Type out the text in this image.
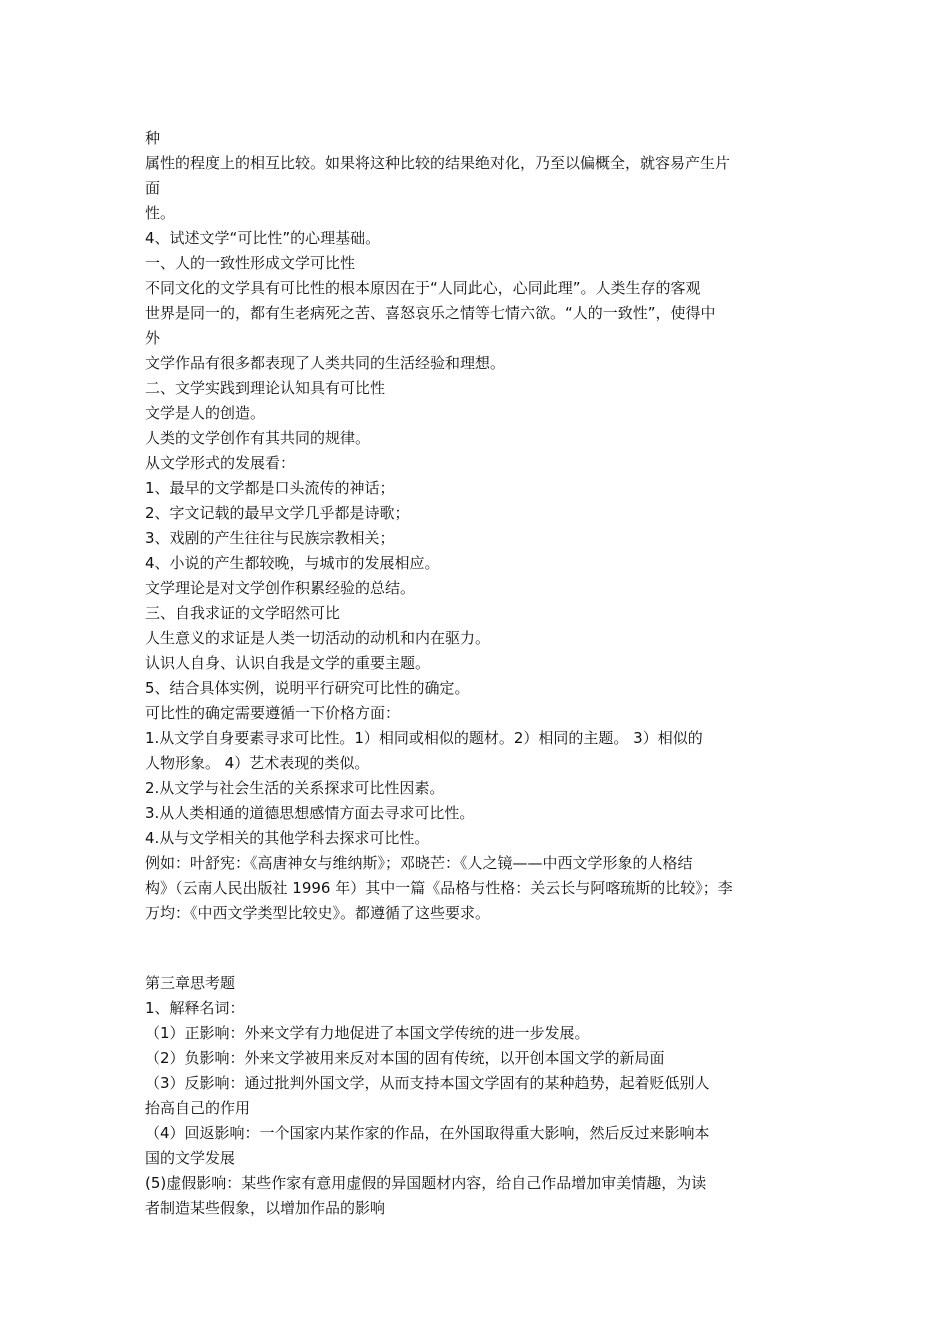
种
属性的程度上的相互比较。如果将这种比较的结果绝对化，乃至以偏概全，就容易产生片
面
性。
4、试述文学“可比性”的心理基础。
一、人的一致性形成文学可比性
不同文化的文学具有可比性的根本原因在于“人同此心，心同此理”。人类生存的客观
世界是同一的，都有生老病死之苦、喜怒哀乐之情等七情六欲。“人的一致性”，使得中
外
文学作品有很多都表现了人类共同的生活经验和理想。
二、文学实践到理论认知具有可比性
文学是人的创造。
人类的文学创作有其共同的规律。
从文学形式的发展看：
1、最早的文学都是口头流传的神话；
2、字文记载的最早文学几乎都是诗歌；
3、戏剧的产生往往与民族宗教相关；
4、小说的产生都较晚，与城市的发展相应。
文学理论是对文学创作积累经验的总结。
三、自我求证的文学昭然可比
人生意义的求证是人类一切活动的动机和内在驱力。
认识人自身、认识自我是文学的重要主题。
5、结合具体实例，说明平行研究可比性的确定。
可比性的确定需要遵循一下价格方面：
1.从文学自身要素寻求可比性。1）相同或相似的题材。2）相同的主题。 3）相似的
人物形象。 4）艺术表现的类似。
2.从文学与社会生活的关系探求可比性因素。
3.从人类相通的道德思想感情方面去寻求可比性。
4.从与文学相关的其他学科去探求可比性。
例如：叶舒宪：《高唐神女与维纳斯》；邓晓芒：《人之镜——中西文学形象的人格结
构》（云南人民出版社 1996 年）其中一篇《品格与性格：关云长与阿喀琉斯的比较》；李
万均：《中西文学类型比较史》。都遵循了这些要求。
第三章思考题
1、解释名词：
（1）正影响：外来文学有力地促进了本国文学传统的进一步发展。
（2）负影响：外来文学被用来反对本国的固有传统，以开创本国文学的新局面
（3）反影响：通过批判外国文学，从而支持本国文学固有的某种趋势，起着贬低别人
抬高自己的作用
（4）回返影响：一个国家内某作家的作品，在外国取得重大影响，然后反过来影响本
国的文学发展
(5)虚假影响：某些作家有意用虚假的异国题材内容，给自己作品增加审美情趣，为读
者制造某些假象，以增加作品的影响
